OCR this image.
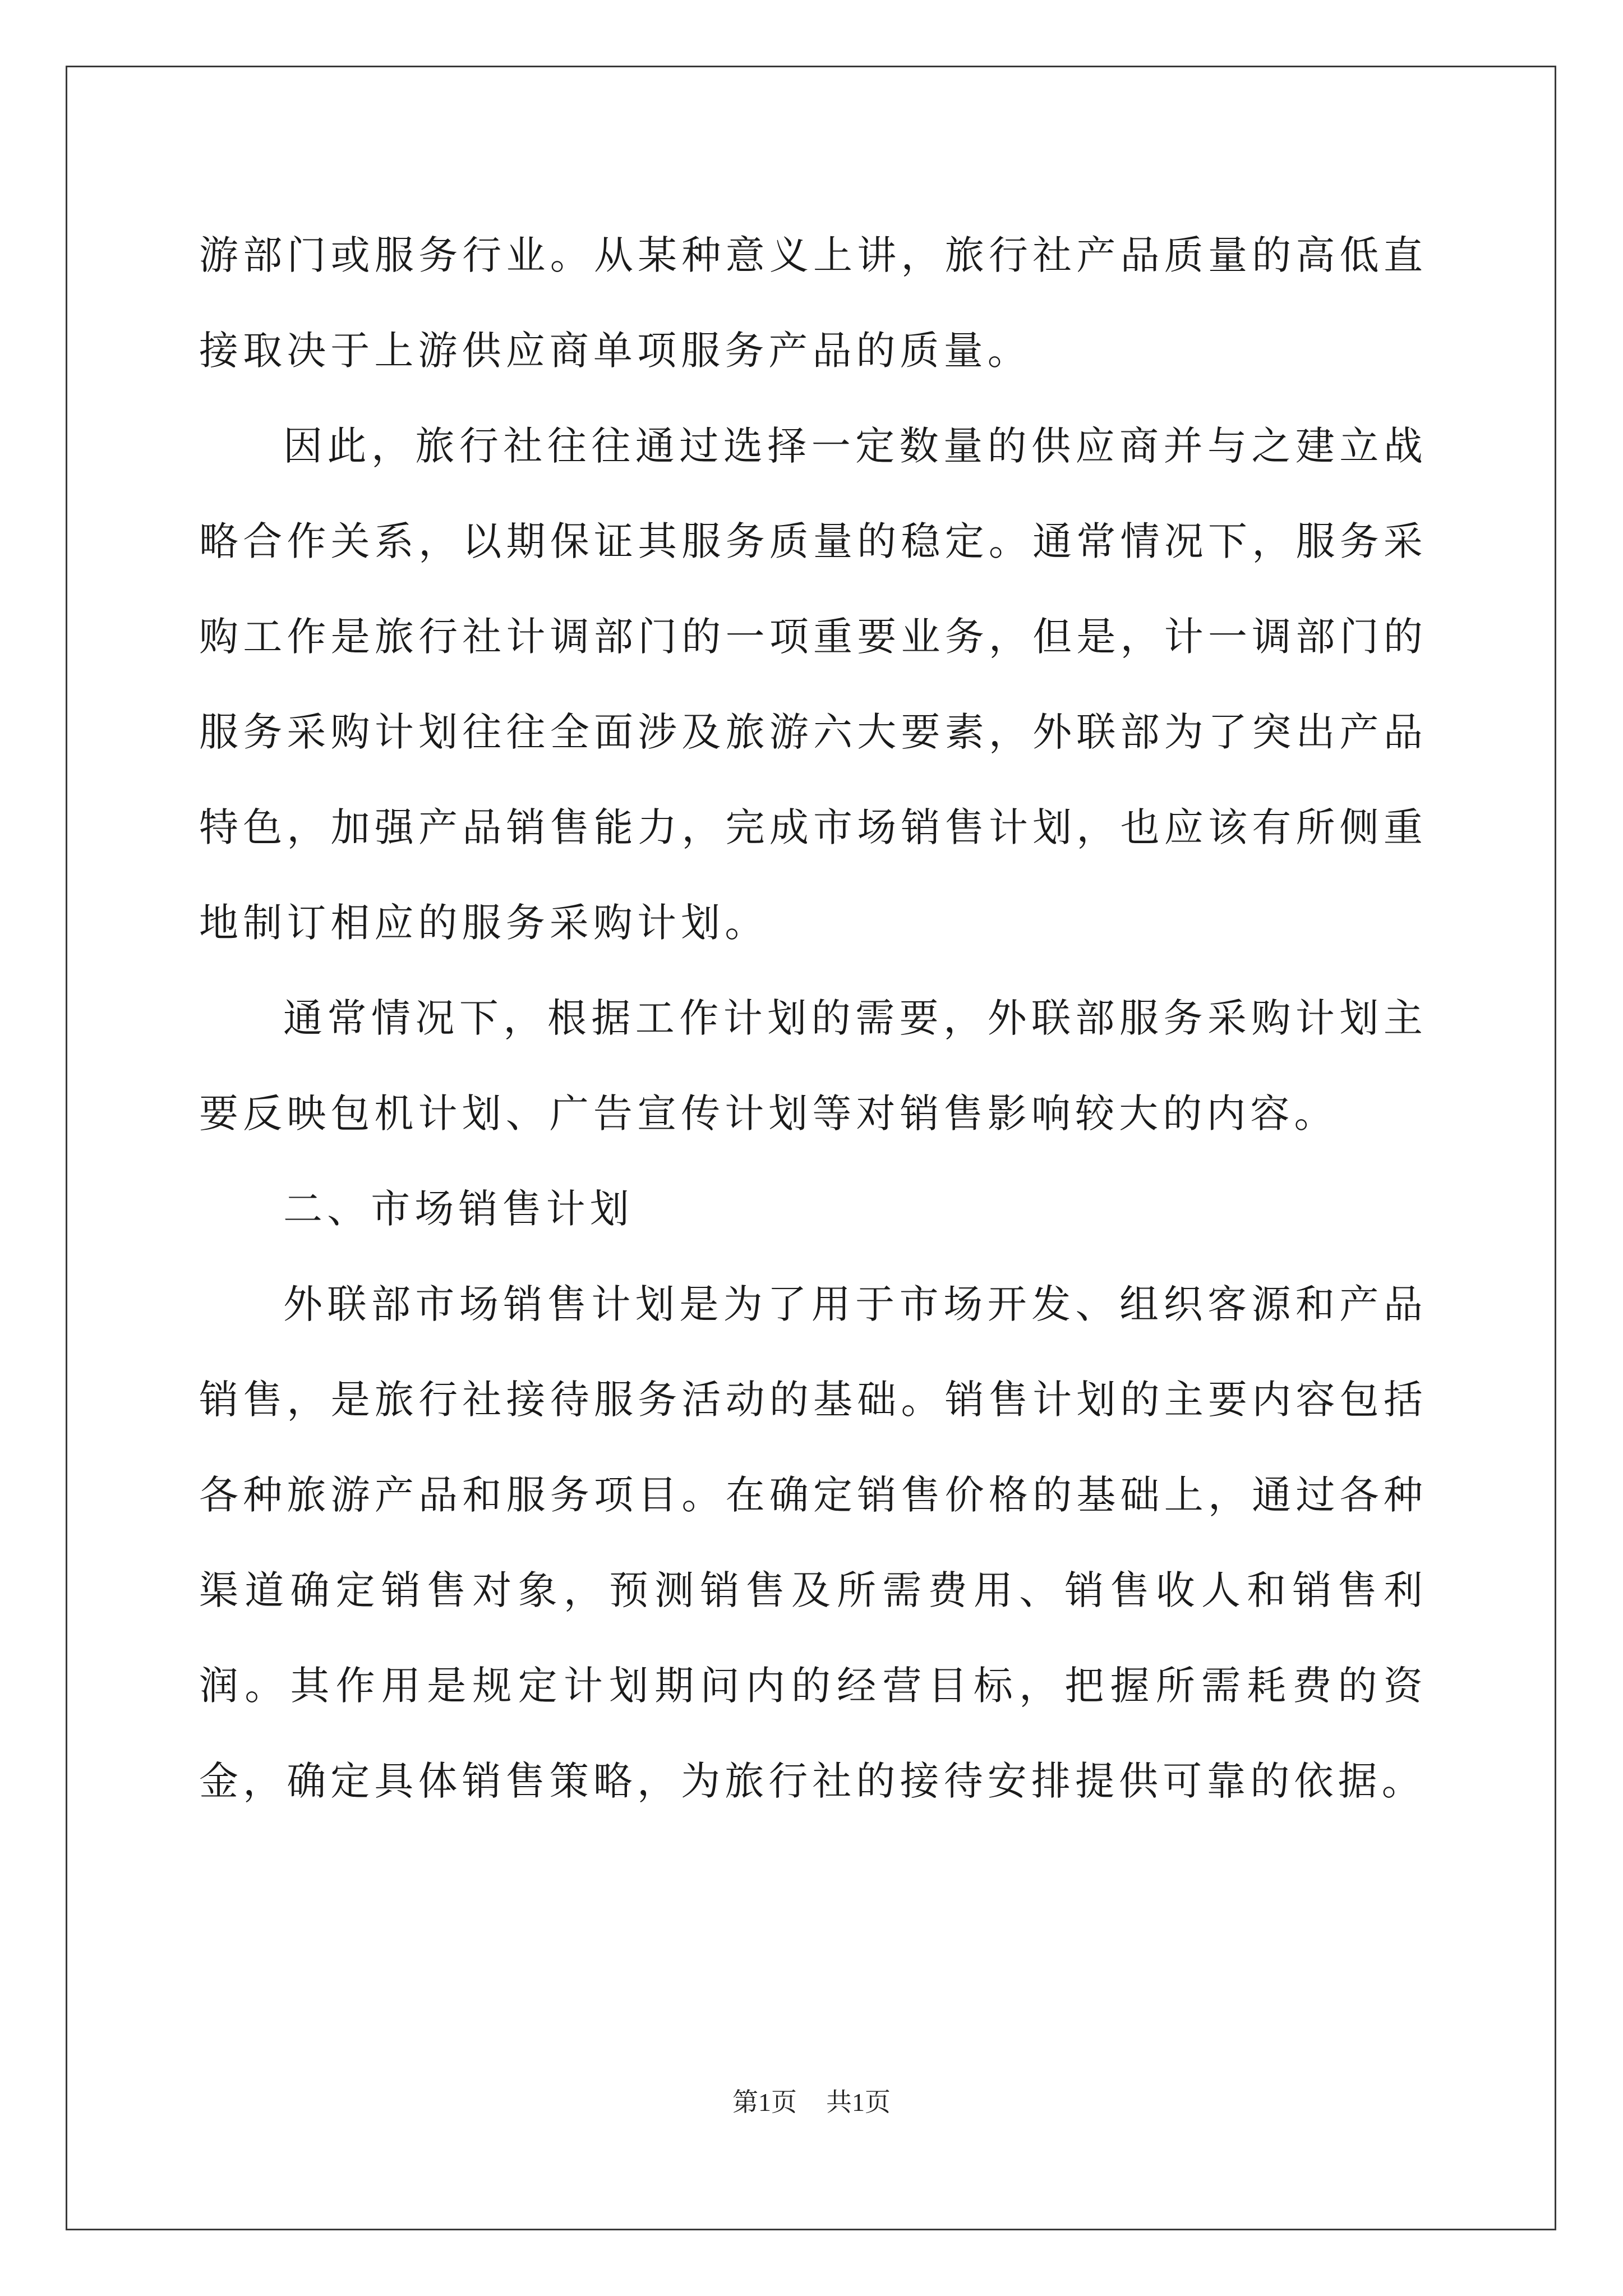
游部门或服务行业。从某种意义上讲，旅行社产品质量的高低直接取决于上游供应商单项服务产品的质量。

因此，旅行社往往通过选择一定数量的供应商并与之建立战略合作关系，以期保证其服务质量的稳定。通常情况下，服务采购工作是旅行社计调部门的一项重要业务，但是，计一调部门的服务采购计划往往全面涉及旅游六大要素，外联部为了突出产品特色，加强产品销售能力，完成市场销售计划，也应该有所侧重地制订相应的服务采购计划。

通常情况下，根据工作计划的需要，外联部服务采购计划主要反映包机计划、广告宣传计划等对销售影响较大的内容。

二、市场销售计划

外联部市场销售计划是为了用于市场开发、组织客源和产品销售，是旅行社接待服务活动的基础。销售计划的主要内容包括各种旅游产品和服务项目。在确定销售价格的基础上，通过各种渠道确定销售对象，预测销售及所需费用、销售收人和销售利润。其作用是规定计划期问内的经营目标，把握所需耗费的资金，确定具体销售策略，为旅行社的接待安排提供可靠的依据。

第1页 共1页
